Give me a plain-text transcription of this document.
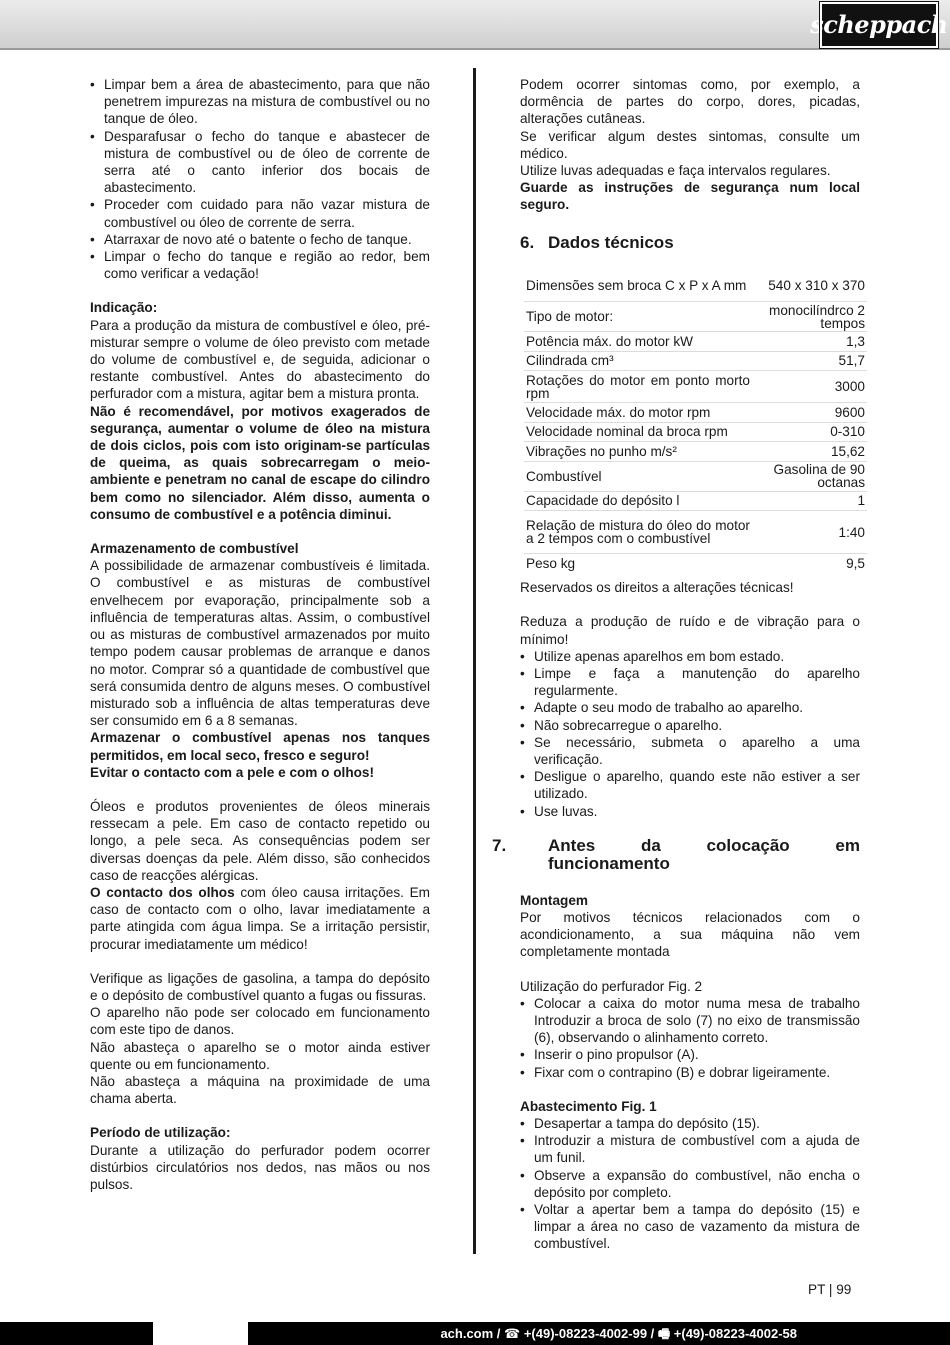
scheppach
• Limpar bem a área de abastecimento, para que não penetrem impurezas na mistura de combustível ou no tanque de óleo.
• Desparafusar o fecho do tanque e abastecer de mistura de combustível ou de óleo de corrente de serra até o canto inferior dos bocais de abastecimento.
• Proceder com cuidado para não vazar mistura de combustível ou óleo de corrente de serra.
• Atarraxar de novo até o batente o fecho de tanque.
• Limpar o fecho do tanque e região ao redor, bem como verificar a vedação!

Indicação:

Para a produção da mistura de combustível e óleo, pré-misturar sempre o volume de óleo previsto com metade do volume de combustível e, de seguida, adicionar o restante combustível. Antes do abastecimento do perfurador com a mistura, agitar bem a mistura pronta.

Não é recomendável, por motivos exagerados de segurança, aumentar o volume de óleo na mistura de dois ciclos, pois com isto originam-se partículas de queima, as quais sobrecarregam o meio-ambiente e penetram no canal de escape do cilindro bem como no silenciador. Além disso, aumenta o consumo de combustível e a potência diminui.

Armazenamento de combustível

A possibilidade de armazenar combustíveis é limitada. O combustível e as misturas de combustível envelhecem por evaporação, principalmente sob a influência de temperaturas altas. Assim, o combustível ou as misturas de combustível armazenados por muito tempo podem causar problemas de arranque e danos no motor. Comprar só a quantidade de combustível que será consumida dentro de alguns meses. O combustível misturado sob a influência de altas temperaturas deve ser consumido em 6 a 8 semanas.

Armazenar o combustível apenas nos tanques permitidos, em local seco, fresco e seguro!

Evitar o contacto com a pele e com o olhos!

Óleos e produtos provenientes de óleos minerais ressecam a pele. Em caso de contacto repetido ou longo, a pele seca. As consequências podem ser diversas doenças da pele. Além disso, são conhecidos caso de reacções alérgicas.

O contacto dos olhos com óleo causa irritações. Em caso de contacto com o olho, lavar imediatamente a parte atingida com água limpa. Se a irritação persistir, procurar imediatamente um médico!

Verifique as ligações de gasolina, a tampa do depósito e o depósito de combustível quanto a fugas ou fissuras.

O aparelho não pode ser colocado em funcionamento com este tipo de danos.

Não abasteça o aparelho se o motor ainda estiver quente ou em funcionamento.

Não abasteça a máquina na proximidade de uma chama aberta.

Período de utilização:

Durante a utilização do perfurador podem ocorrer distúrbios circulatórios nos dedos, nas mãos ou nos pulsos.

Podem ocorrer sintomas como, por exemplo, a dormência de partes do corpo, dores, picadas, alterações cutâneas.

Se verificar algum destes sintomas, consulte um médico.

Utilize luvas adequadas e faça intervalos regulares.

Guarde as instruções de segurança num local seguro.

6. Dados técnicos
Dimensões sem broca C x P x A mm	540 x 310 x 370
Tipo de motor:	monocilíndrco 2 tempos
Potência máx. do motor kW	1,3
Cilindrada cm³	51,7
Rotações do motor em ponto morto rpm	3000
Velocidade máx. do motor rpm	9600
Velocidade nominal da broca rpm	0-310
Vibrações no punho m/s²	15,62
Combustível	Gasolina de 90 octanas
Capacidade do depósito l	1
Relação de mistura do óleo do motor a 2 tempos com o combustível	1:40
Peso kg	9,5

Reservados os direitos a alterações técnicas!

Reduza a produção de ruído e de vibração para o mínimo!

• Utilize apenas aparelhos em bom estado.
• Limpe e faça a manutenção do aparelho regularmente.
• Adapte o seu modo de trabalho ao aparelho.
• Não sobrecarregue o aparelho.
• Se necessário, submeta o aparelho a uma verificação.
• Desligue o aparelho, quando este não estiver a ser utilizado.
• Use luvas.
7. Antes da colocação em funcionamento

Montagem

Por motivos técnicos relacionados com o acondicionamento, a sua máquina não vem completamente montada

Utilização do perfurador Fig. 2

• Colocar a caixa do motor numa mesa de trabalho Introduzir a broca de solo (7) no eixo de transmissão (6), observando o alinhamento correto.
• Inserir o pino propulsor (A).
• Fixar com o contrapino (B) e dobrar ligeiramente.

Abastecimento Fig. 1

• Desapertar a tampa do depósito (15).
• Introduzir a mistura de combustível com a ajuda de um funil.
• Observe a expansão do combustível, não encha o depósito por completo.
• Voltar a apertar bem a tampa do depósito (15) e limpar a área no caso de vazamento da mistura de combustível.
PT | 99
ach.com / ☎ +(49)-08223-4002-99 / 🖷 +(49)-08223-4002-58
